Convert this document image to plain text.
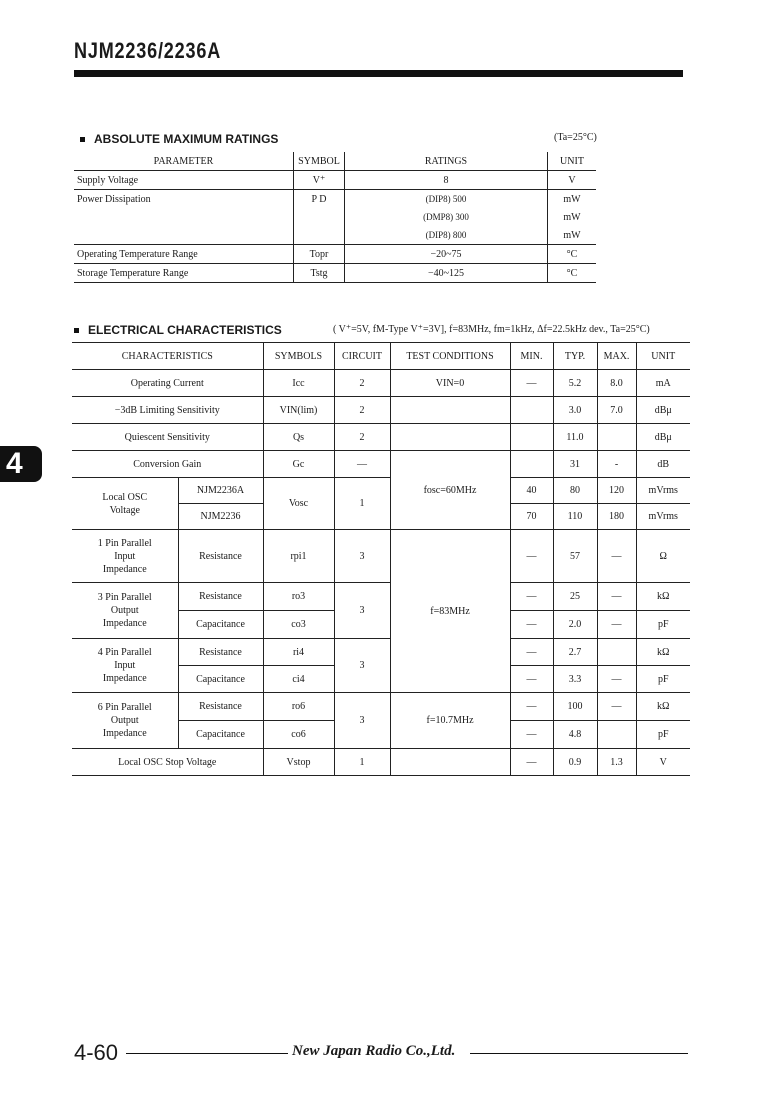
NJM2236/2236A
4
ABSOLUTE MAXIMUM RATINGS	(Ta=25°C)
PARAMETER	SYMBOL	RATINGS	UNIT
Supply Voltage	V⁺	8	V
Power Dissipation	P D	(DIP8) 500	mW
		(DMP8) 300	mW
		(DIP8) 800	mW
Operating Temperature Range	Topr	−20~75	°C
Storage Temperature Range	Tstg	−40~125	°C
ELECTRICAL CHARACTERISTICS	( V⁺=5V, fM-Type V⁺=3V], f=83MHz, fm=1kHz, Δf=22.5kHz dev., Ta=25°C)
CHARACTERISTICS		SYMBOLS	CIRCUIT	TEST CONDITIONS	MIN.	TYP.	MAX.	UNIT
Operating Current		Icc	2	VIN=0	—	5.2	8.0	mA
−3dB Limiting Sensitivity		VIN(lim)	2			3.0	7.0	dBμ
Quiescent Sensitivity		Qs	2			11.0		dBμ
Conversion Gain		Gc	—	fosc=60MHz		31	-	dB
Local OSC
Voltage	NJM2236A	Vosc	1		40	80	120	mVrms
	NJM2236				70	110	180	mVrms
1 Pin Parallel
Input
Impedance	Resistance	rpi1	3	f=83MHz	—	57	—	Ω
3 Pin Parallel
Output
Impedance	Resistance	ro3	3		—	25	—	kΩ
	Capacitance	co3			—	2.0	—	pF
4 Pin Parallel
Input
Impedance	Resistance	ri4	3		—	2.7		kΩ
	Capacitance	ci4			—	3.3	—	pF
6 Pin Parallel
Output
Impedance	Resistance	ro6	3	f=10.7MHz	—	100	—	kΩ
	Capacitance	co6			—	4.8		pF
Local OSC Stop Voltage		Vstop	1		—	0.9	1.3	V
4-60	New Japan Radio Co.,Ltd.
